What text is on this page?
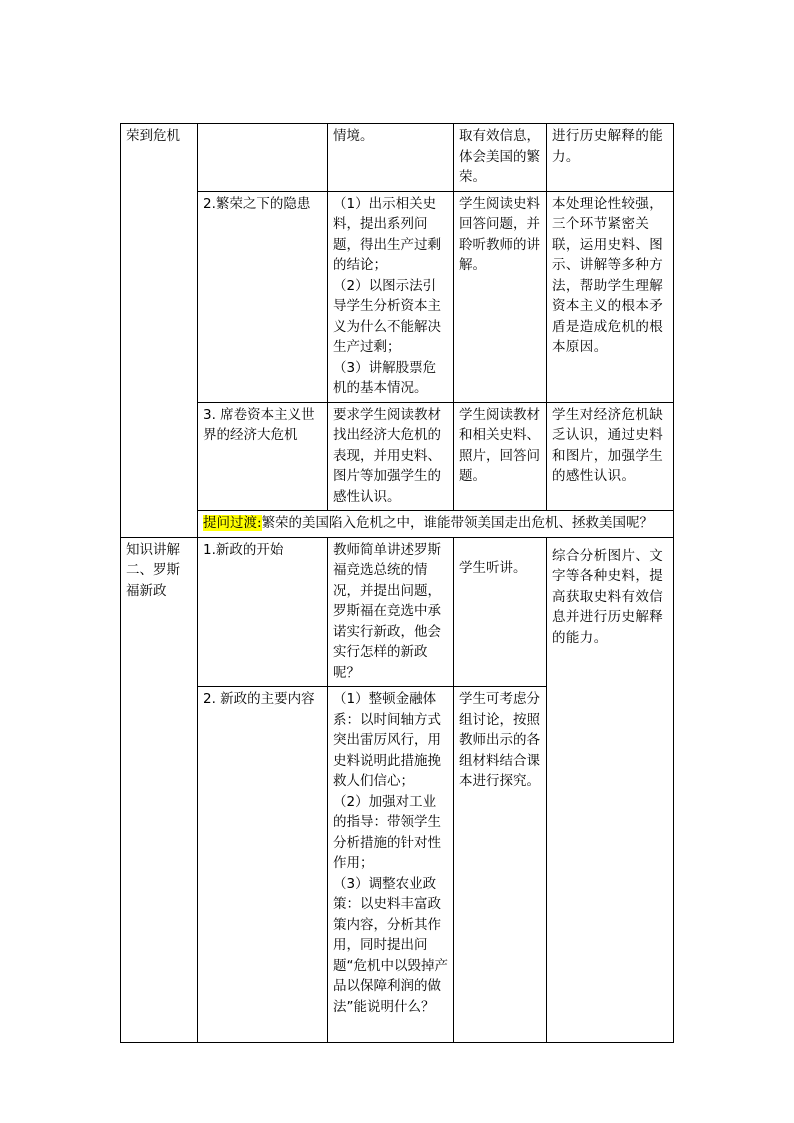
荣到危机		情境。	取有效信息，体会美国的繁荣。	进行历史解释的能力。
	2.繁荣之下的隐患	（1）出示相关史料，提出系列问题，得出生产过剩的结论；
（2）以图示法引导学生分析资本主义为什么不能解决生产过剩；
（3）讲解股票危机的基本情况。	学生阅读史料回答问题，并聆听教师的讲解。	本处理论性较强，三个环节紧密关联，运用史料、图示、讲解等多种方法，帮助学生理解资本主义的根本矛盾是造成危机的根本原因。
	3. 席卷资本主义世界的经济大危机	要求学生阅读教材找出经济大危机的表现，并用史料、图片等加强学生的感性认识。	学生阅读教材和相关史料、照片，回答问题。	学生对经济危机缺乏认识，通过史料和图片，加强学生的感性认识。
	提问过渡:繁荣的美国陷入危机之中，谁能带领美国走出危机、拯救美国呢？			
知识讲解二、罗斯福新政	1.新政的开始	教师简单讲述罗斯福竞选总统的情况，并提出问题，罗斯福在竞选中承诺实行新政，他会实行怎样的新政呢？	学生听讲。	综合分析图片、文字等各种史料，提高获取史料有效信息并进行历史解释的能力。
	2. 新政的主要内容	（1）整顿金融体系：以时间轴方式突出雷厉风行，用史料说明此措施挽救人们信心；
（2）加强对工业的指导：带领学生分析措施的针对性作用；
（3）调整农业政策：以史料丰富政策内容，分析其作用，同时提出问题“危机中以毁掉产品以保障利润的做法”能说明什么？	学生可考虑分组讨论，按照教师出示的各组材料结合课本进行探究。	
